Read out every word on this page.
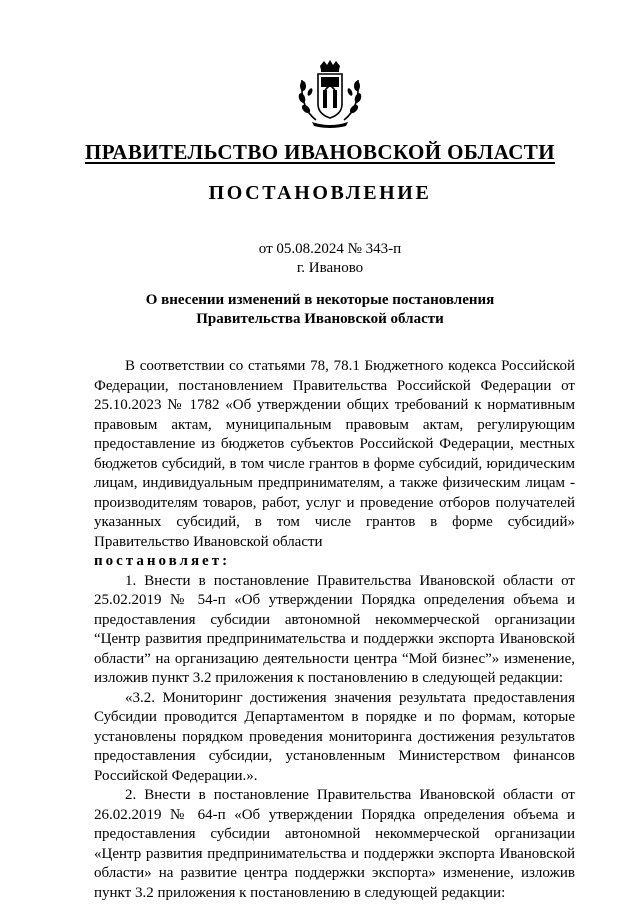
ПРАВИТЕЛЬСТВО ИВАНОВСКОЙ ОБЛАСТИ
ПОСТАНОВЛЕНИЕ
от 05.08.2024 № 343-п
г. Иваново
О внесении изменений в некоторые постановления
Правительства Ивановской области

В соответствии со статьями 78, 78.1 Бюджетного кодекса Российской Федерации, постановлением Правительства Российской Федерации от 25.10.2023 № 1782 «Об утверждении общих требований к нормативным правовым актам, муниципальным правовым актам, регулирующим предоставление из бюджетов субъектов Российской Федерации, местных бюджетов субсидий, в том числе грантов в форме субсидий, юридическим лицам, индивидуальным предпринимателям, а также физическим лицам - производителям товаров, работ, услуг и проведение отборов получателей указанных субсидий, в том числе грантов в форме субсидий» Правительство Ивановской области

постановляет:

1. Внести в постановление Правительства Ивановской области от 25.02.2019 № 54-п «Об утверждении Порядка определения объема и предоставления субсидии автономной некоммерческой организации “Центр развития предпринимательства и поддержки экспорта Ивановской области” на организацию деятельности центра “Мой бизнес”» изменение, изложив пункт 3.2 приложения к постановлению в следующей редакции:

«3.2. Мониторинг достижения значения результата предоставления Субсидии проводится Департаментом в порядке и по формам, которые установлены порядком проведения мониторинга достижения результатов предоставления субсидии, установленным Министерством финансов Российской Федерации.».

2. Внести в постановление Правительства Ивановской области от 26.02.2019 № 64-п «Об утверждении Порядка определения объема и предоставления субсидии автономной некоммерческой организации «Центр развития предпринимательства и поддержки экспорта Ивановской области» на развитие центра поддержки экспорта» изменение, изложив пункт 3.2 приложения к постановлению в следующей редакции:
